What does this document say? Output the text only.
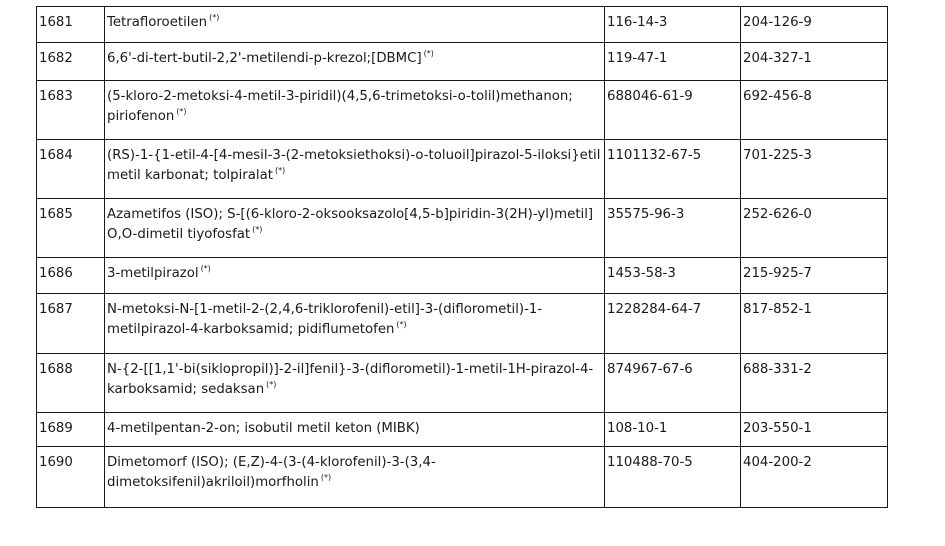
1681	Tetrafloroetilen (*)	116-14-3	204-126-9
1682	6,6'-di-tert-butil-2,2'-metilendi-p-krezol;[DBMC] (*)	119-47-1	204-327-1
1683	(5-kloro-2-metoksi-4-metil-3-piridil)(4,5,6-trimetoksi-o-tolil)methanon; piriofenon (*)	688046-61-9	692-456-8
1684	(RS)-1-{1-etil-4-[4-mesil-3-(2-metoksiethoksi)-o-toluoil]pirazol-5-iloksi}etil metil karbonat; tolpiralat (*)	1101132-67-5	701-225-3
1685	Azametifos (ISO); S-[(6-kloro-2-oksooksazolo[4,5-b]piridin-3(2H)-yl)metil] O,O-dimetil tiyofosfat (*)	35575-96-3	252-626-0
1686	3-metilpirazol (*)	1453-58-3	215-925-7
1687	N-metoksi-N-[1-metil-2-(2,4,6-triklorofenil)-etil]-3-(diflorometil)-1-metilpirazol-4-karboksamid; pidiflumetofen (*)	1228284-64-7	817-852-1
1688	N-{2-[[1,1'-bi(siklopropil)]-2-il]fenil}-3-(diflorometil)-1-metil-1H-pirazol-4-karboksamid; sedaksan (*)	874967-67-6	688-331-2
1689	4-metilpentan-2-on; isobutil metil keton (MIBK)	108-10-1	203-550-1
1690	Dimetomorf (ISO); (E,Z)-4-(3-(4-klorofenil)-3-(3,4-dimetoksifenil)akriloil)morfholin (*)	110488-70-5	404-200-2
